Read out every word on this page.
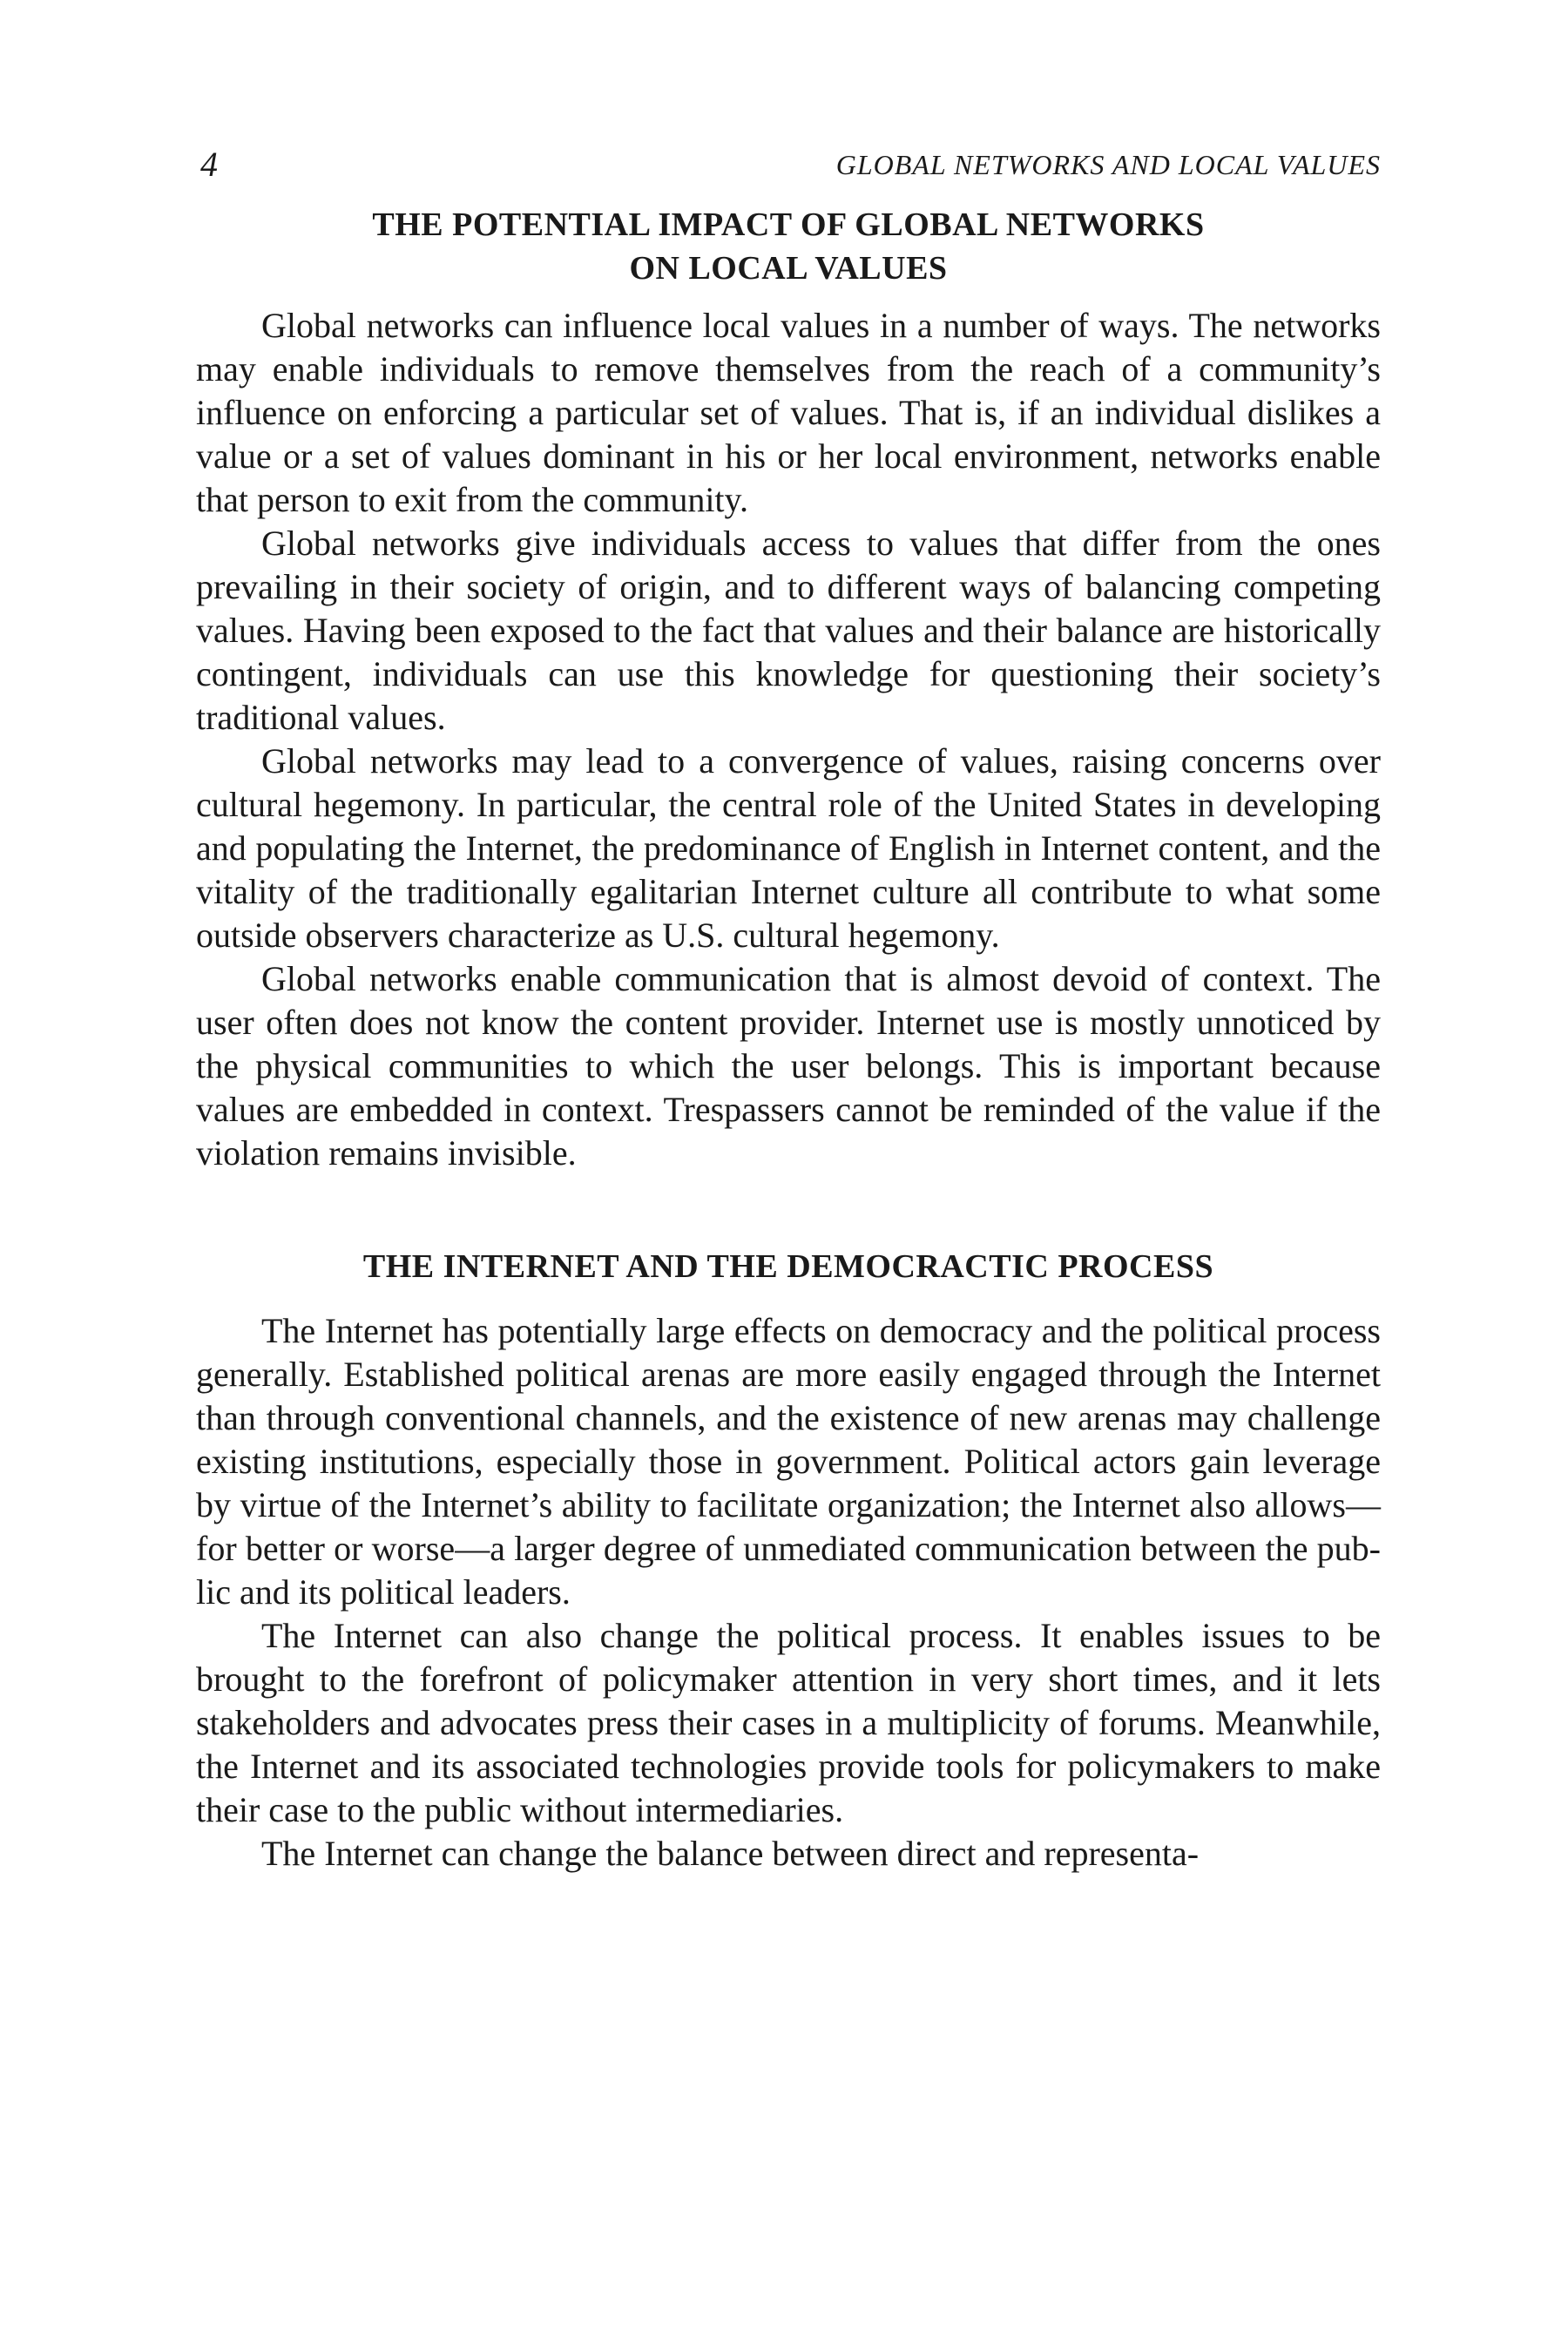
4	GLOBAL NETWORKS AND LOCAL VALUES
THE POTENTIAL IMPACT OF GLOBAL NETWORKS
ON LOCAL VALUES

Global networks can influence local values in a number of ways. The networks may enable individuals to remove themselves from the reach of a community’s influence on enforcing a particular set of values. That is, if an individual dislikes a value or a set of values dominant in his or her local environment, networks enable that person to exit from the community.

Global networks give individuals access to values that differ from the ones prevailing in their society of origin, and to different ways of balancing competing values. Having been exposed to the fact that values and their balance are historically contingent, individuals can use this knowledge for questioning their society’s traditional values.

Global networks may lead to a convergence of values, raising concerns over cultural hegemony. In particular, the central role of the United States in developing and populating the Internet, the predominance of English in Internet content, and the vitality of the traditionally egalitarian Internet culture all contribute to what some outside observers characterize as U.S. cultural hegemony.

Global networks enable communication that is almost devoid of context. The user often does not know the content provider. Internet use is mostly unnoticed by the physical communities to which the user belongs. This is important because values are embedded in context. Trespassers cannot be reminded of the value if the violation remains invisible.

THE INTERNET AND THE DEMOCRACTIC PROCESS

The Internet has potentially large effects on democracy and the political process generally. Established political arenas are more easily engaged through the Internet than through conventional channels, and the existence of new arenas may challenge existing institutions, especially those in government. Political actors gain leverage by virtue of the Internet’s ability to facilitate organization; the Internet also allows—for better or worse—a larger degree of unmediated communication between the public and its political leaders.

The Internet can also change the political process. It enables issues to be brought to the forefront of policymaker attention in very short times, and it lets stakeholders and advocates press their cases in a multiplicity of forums. Meanwhile, the Internet and its associated technologies provide tools for policymakers to make their case to the public without intermediaries.

The Internet can change the balance between direct and representa-
